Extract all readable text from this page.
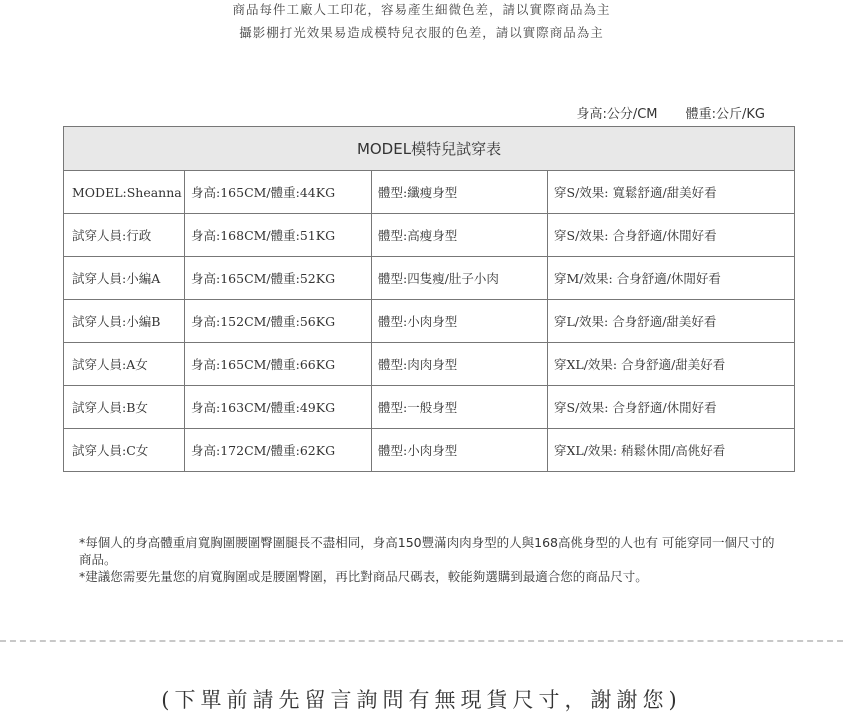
商品每件工廠人工印花，容易產生細微色差，請以實際商品為主
攝影棚打光效果易造成模特兒衣服的色差，請以實際商品為主
身高:公分/CM 體重:公斤/KG
MODEL模特兒試穿表			
MODEL:Sheanna	身高:165CM/體重:44KG	體型:纖瘦身型	穿S/效果: 寬鬆舒適/甜美好看
試穿人員:行政	身高:168CM/體重:51KG	體型:高瘦身型	穿S/效果: 合身舒適/休閒好看
試穿人員:小編A	身高:165CM/體重:52KG	體型:四隻瘦/肚子小肉	穿M/效果: 合身舒適/休閒好看
試穿人員:小編B	身高:152CM/體重:56KG	體型:小肉身型	穿L/效果: 合身舒適/甜美好看
試穿人員:A女	身高:165CM/體重:66KG	體型:肉肉身型	穿XL/效果: 合身舒適/甜美好看
試穿人員:B女	身高:163CM/體重:49KG	體型:一般身型	穿S/效果: 合身舒適/休閒好看
試穿人員:C女	身高:172CM/體重:62KG	體型:小肉身型	穿XL/效果: 稍鬆休閒/高佻好看

*每個人的身高體重肩寬胸圍腰圍臀圍腿長不盡相同，身高150豐滿肉肉身型的人與168高佻身型的人也有 可能穿同一個尺寸的商品。

*建議您需要先量您的肩寬胸圍或是腰圍臀圍，再比對商品尺碼表，較能夠選購到最適合您的商品尺寸。

(下單前請先留言詢問有無現貨尺寸，謝謝您)
